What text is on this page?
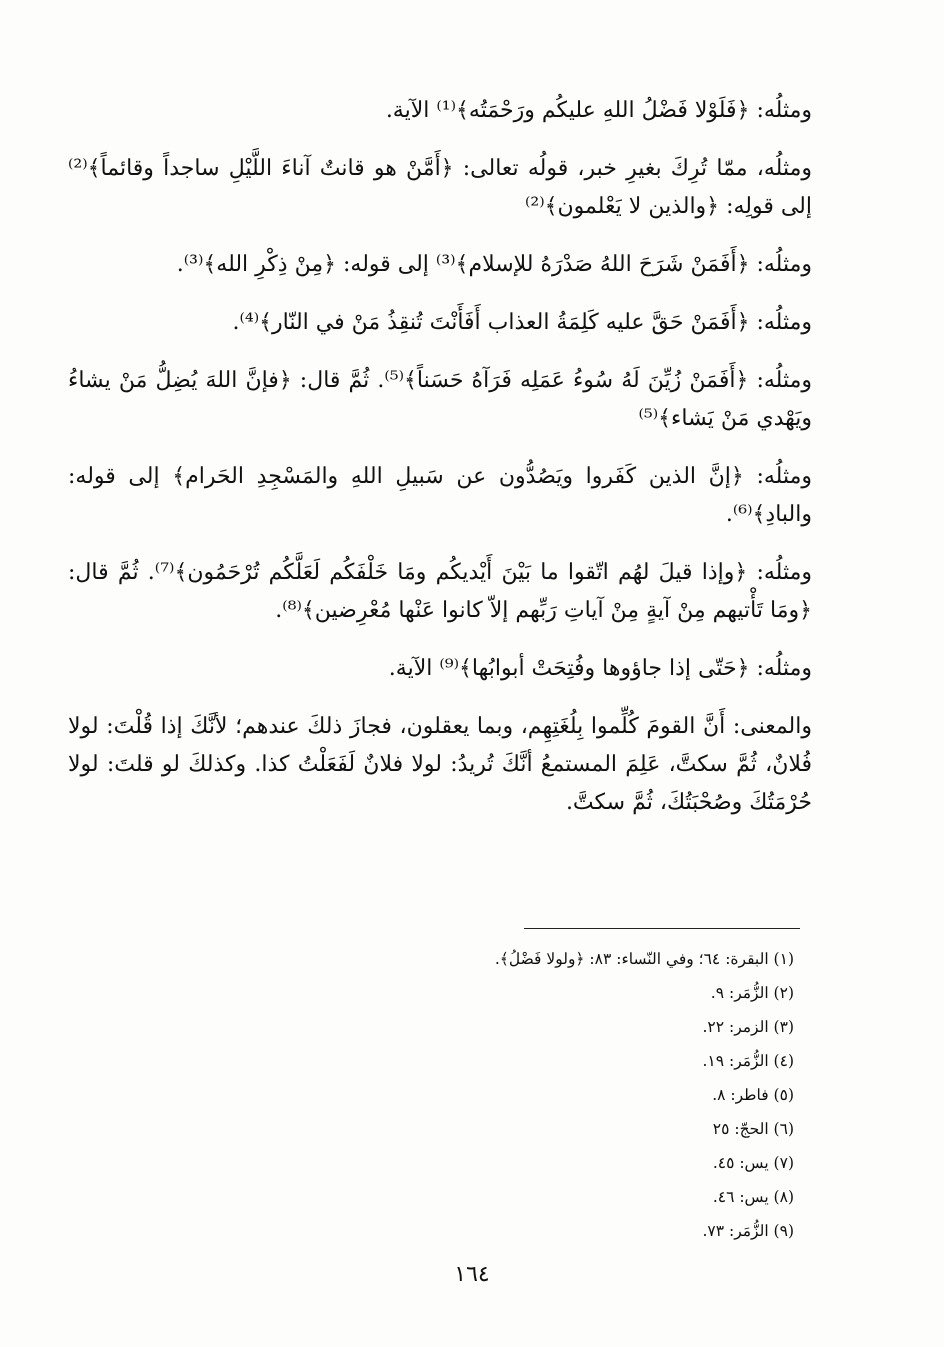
ومثلُه: ﴿فَلَوْلا فَضْلُ اللهِ عليكُم ورَحْمَتُه﴾⁽¹⁾ الآية.

ومثلُه، ممّا تُرِكَ بغيرِ خبر، قولُه تعالى: ﴿أَمَّنْ هو قانتٌ آناءَ اللَّيْلِ ساجداً وقائماً﴾⁽²⁾ إلى قولِه: ﴿والذين لا يَعْلمون﴾⁽²⁾

ومثلُه: ﴿أَفَمَنْ شَرَحَ اللهُ صَدْرَهُ للإسلام﴾⁽³⁾ إلى قوله: ﴿مِنْ ذِكْرِ الله﴾⁽³⁾.

ومثلُه: ﴿أَفَمَنْ حَقَّ عليه كَلِمَةُ العذاب أَفَأَنْتَ تُنقِذُ مَنْ في النّار﴾⁽⁴⁾.

ومثلُه: ﴿أَفَمَنْ زُيِّنَ لَهُ سُوءُ عَمَلِه فَرَآهُ حَسَناً﴾⁽⁵⁾. ثُمَّ قال: ﴿فإنَّ اللهَ يُضِلُّ مَنْ يشاءُ ويَهْدي مَنْ يَشاء﴾⁽⁵⁾

ومثلُه: ﴿إنَّ الذين كَفَروا ويَصُدُّون عن سَبيلِ اللهِ والمَسْجِدِ الحَرام﴾ إلى قوله: والبادِ﴾⁽⁶⁾.

ومثلُه: ﴿وإذا قيلَ لهُم اتّقوا ما بَيْنَ أَيْديكُم ومَا خَلْفَكُم لَعَلَّكُم تُرْحَمُون﴾⁽⁷⁾. ثُمَّ قال: ﴿ومَا تَأْتيهم مِنْ آيةٍ مِنْ آياتِ رَبِّهم إلاّ كانوا عَنْها مُعْرِضين﴾⁽⁸⁾.

ومثلُه: ﴿حَتّى إذا جاؤوها وفُتِحَتْ أبوابُها﴾⁽⁹⁾ الآية.

والمعنى: أَنَّ القومَ كُلِّموا بِلُغَتِهِم، وبما يعقلون، فجازَ ذلكَ عندهم؛ لأنَّكَ إذا قُلْتَ: لولا فُلانٌ، ثُمَّ سكتَّ، عَلِمَ المستمعُ أنَّكَ تُريدُ: لولا فلانٌ لَفَعَلْتُ كذا. وكذلكَ لو قلتَ: لولا حُرْمَتُكَ وصُحْبَتُكَ، ثُمَّ سكتَّ.

(١) البقرة: ٦٤؛ وفي النّساء: ٨٣: ﴿ولولا فَضْلُ﴾.
(٢) الزُّمَر: ٩.
(٣) الزمر: ٢٢.
(٤) الزُّمَر: ١٩.
(٥) فاطر: ٨.
(٦) الحجّ: ٢٥
(٧) يس: ٤٥.
(٨) يس: ٤٦.
(٩) الزُّمَر: ٧٣.
١٦٤
